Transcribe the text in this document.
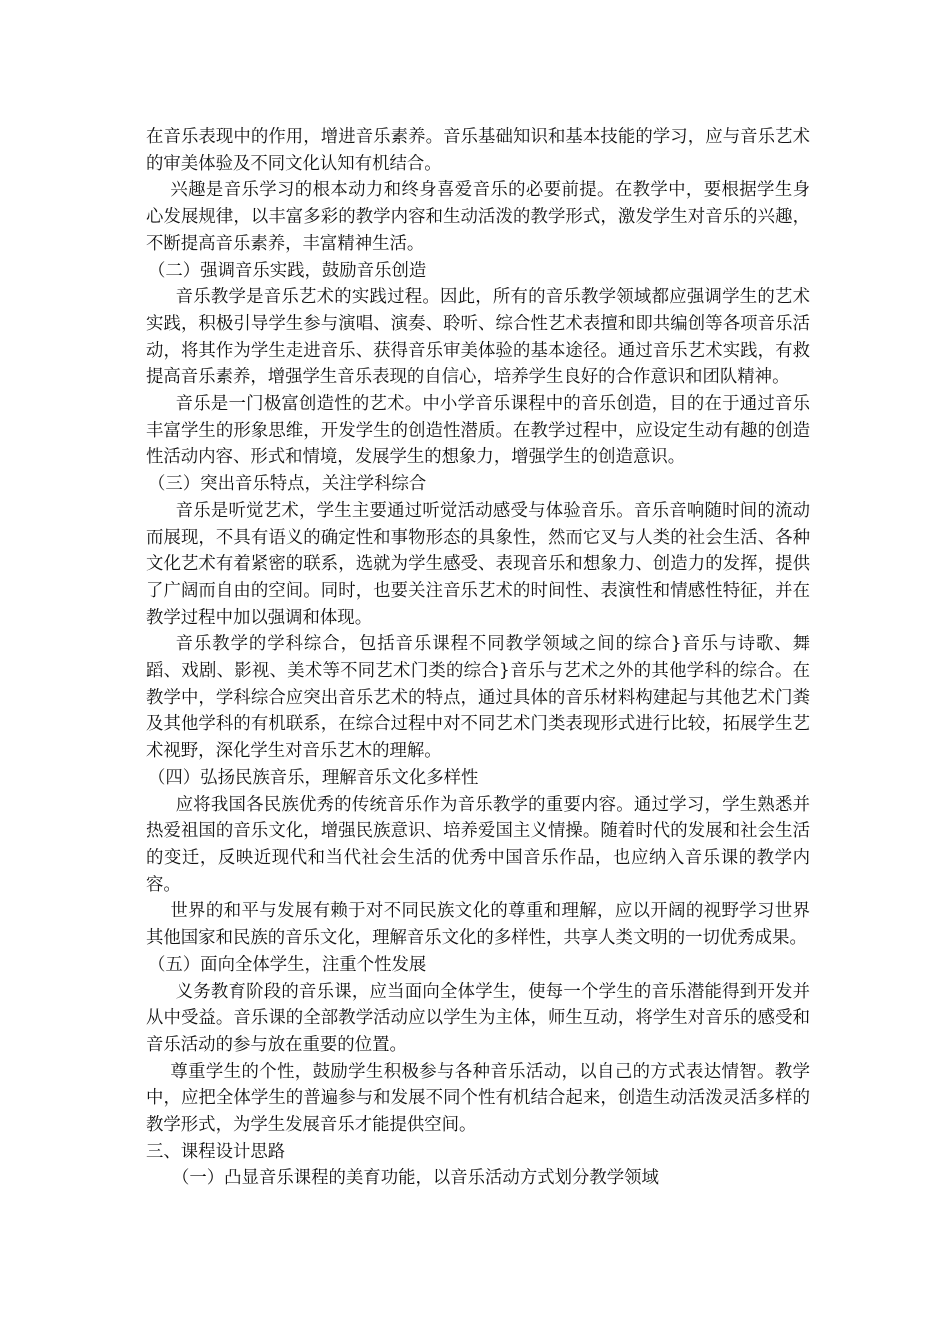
在音乐表现中的作用，增进音乐素养。音乐基础知识和基本技能的学习，应与音乐艺术的审美体验及不同文化认知有机结合。

兴趣是音乐学习的根本动力和终身喜爱音乐的必要前提。在教学中，要根据学生身心发展规律，以丰富多彩的教学内容和生动活泼的教学形式，激发学生对音乐的兴趣，不断提高音乐素养，丰富精神生活。

（二）强调音乐实践，鼓励音乐创造

音乐教学是音乐艺术的实践过程。因此，所有的音乐教学领域都应强调学生的艺术实践，积极引导学生参与演唱、演奏、聆听、综合性艺术表擅和即共编创等各项音乐活动，将其作为学生走进音乐、获得音乐审美体验的基本途径。通过音乐艺术实践，有救提高音乐素养，增强学生音乐表现的自信心，培养学生良好的合作意识和团队精神。

音乐是一门极富创造性的艺术。中小学音乐课程中的音乐创造，目的在于通过音乐丰富学生的形象思维，开发学生的创造性潜质。在教学过程中，应设定生动有趣的创造性活动内容、形式和情境，发展学生的想象力，增强学生的创造意识。

（三）突出音乐特点，关注学科综合

音乐是听觉艺术，学生主要通过听觉活动感受与体验音乐。音乐音响随时间的流动而展现，不具有语义的确定性和事物形态的具象性，然而它叉与人类的社会生活、各种文化艺术有着紧密的联系，选就为学生感受、表现音乐和想象力、创造力的发挥，提供了广阔而自由的空间。同时，也要关注音乐艺术的时间性、表演性和情感性特征，并在教学过程中加以强调和体现。

音乐教学的学科综合，包括音乐课程不同教学领域之间的综合}音乐与诗歌、舞蹈、戏剧、影视、美术等不同艺术门类的综合}音乐与艺术之外的其他学科的综合。在教学中，学科综合应突出音乐艺术的特点，通过具体的音乐材料构建起与其他艺术门粪及其他学科的有机联系，在综合过程中对不同艺术门类表现形式进行比较，拓展学生艺术视野，深化学生对音乐艺木的理解。

（四）弘扬民族音乐，理解音乐文化多样性

应将我国各民族优秀的传统音乐作为音乐教学的重要内容。通过学习，学生熟悉并热爱祖国的音乐文化，增强民族意识、培养爱国主义情操。随着时代的发展和社会生活的变迁，反映近现代和当代社会生活的优秀中国音乐作品，也应纳入音乐课的教学内容。

世界的和平与发展有赖于对不同民族文化的尊重和理解，应以开阔的视野学习世界其他国家和民族的音乐文化，理解音乐文化的多样性，共享人类文明的一切优秀成果。

（五）面向全体学生，注重个性发展

义务教育阶段的音乐课，应当面向全体学生，使每一个学生的音乐潜能得到开发并从中受益。音乐课的全部教学活动应以学生为主体，师生互动，将学生对音乐的感受和音乐活动的参与放在重要的位置。

尊重学生的个性，鼓励学生积极参与各种音乐活动，以自己的方式表达情智。教学中，应把全体学生的普遍参与和发展不同个性有机结合起来，创造生动活泼灵活多样的教学形式，为学生发展音乐才能提供空间。

三、课程设计思路

（一）凸显音乐课程的美育功能，以音乐活动方式划分教学领域
